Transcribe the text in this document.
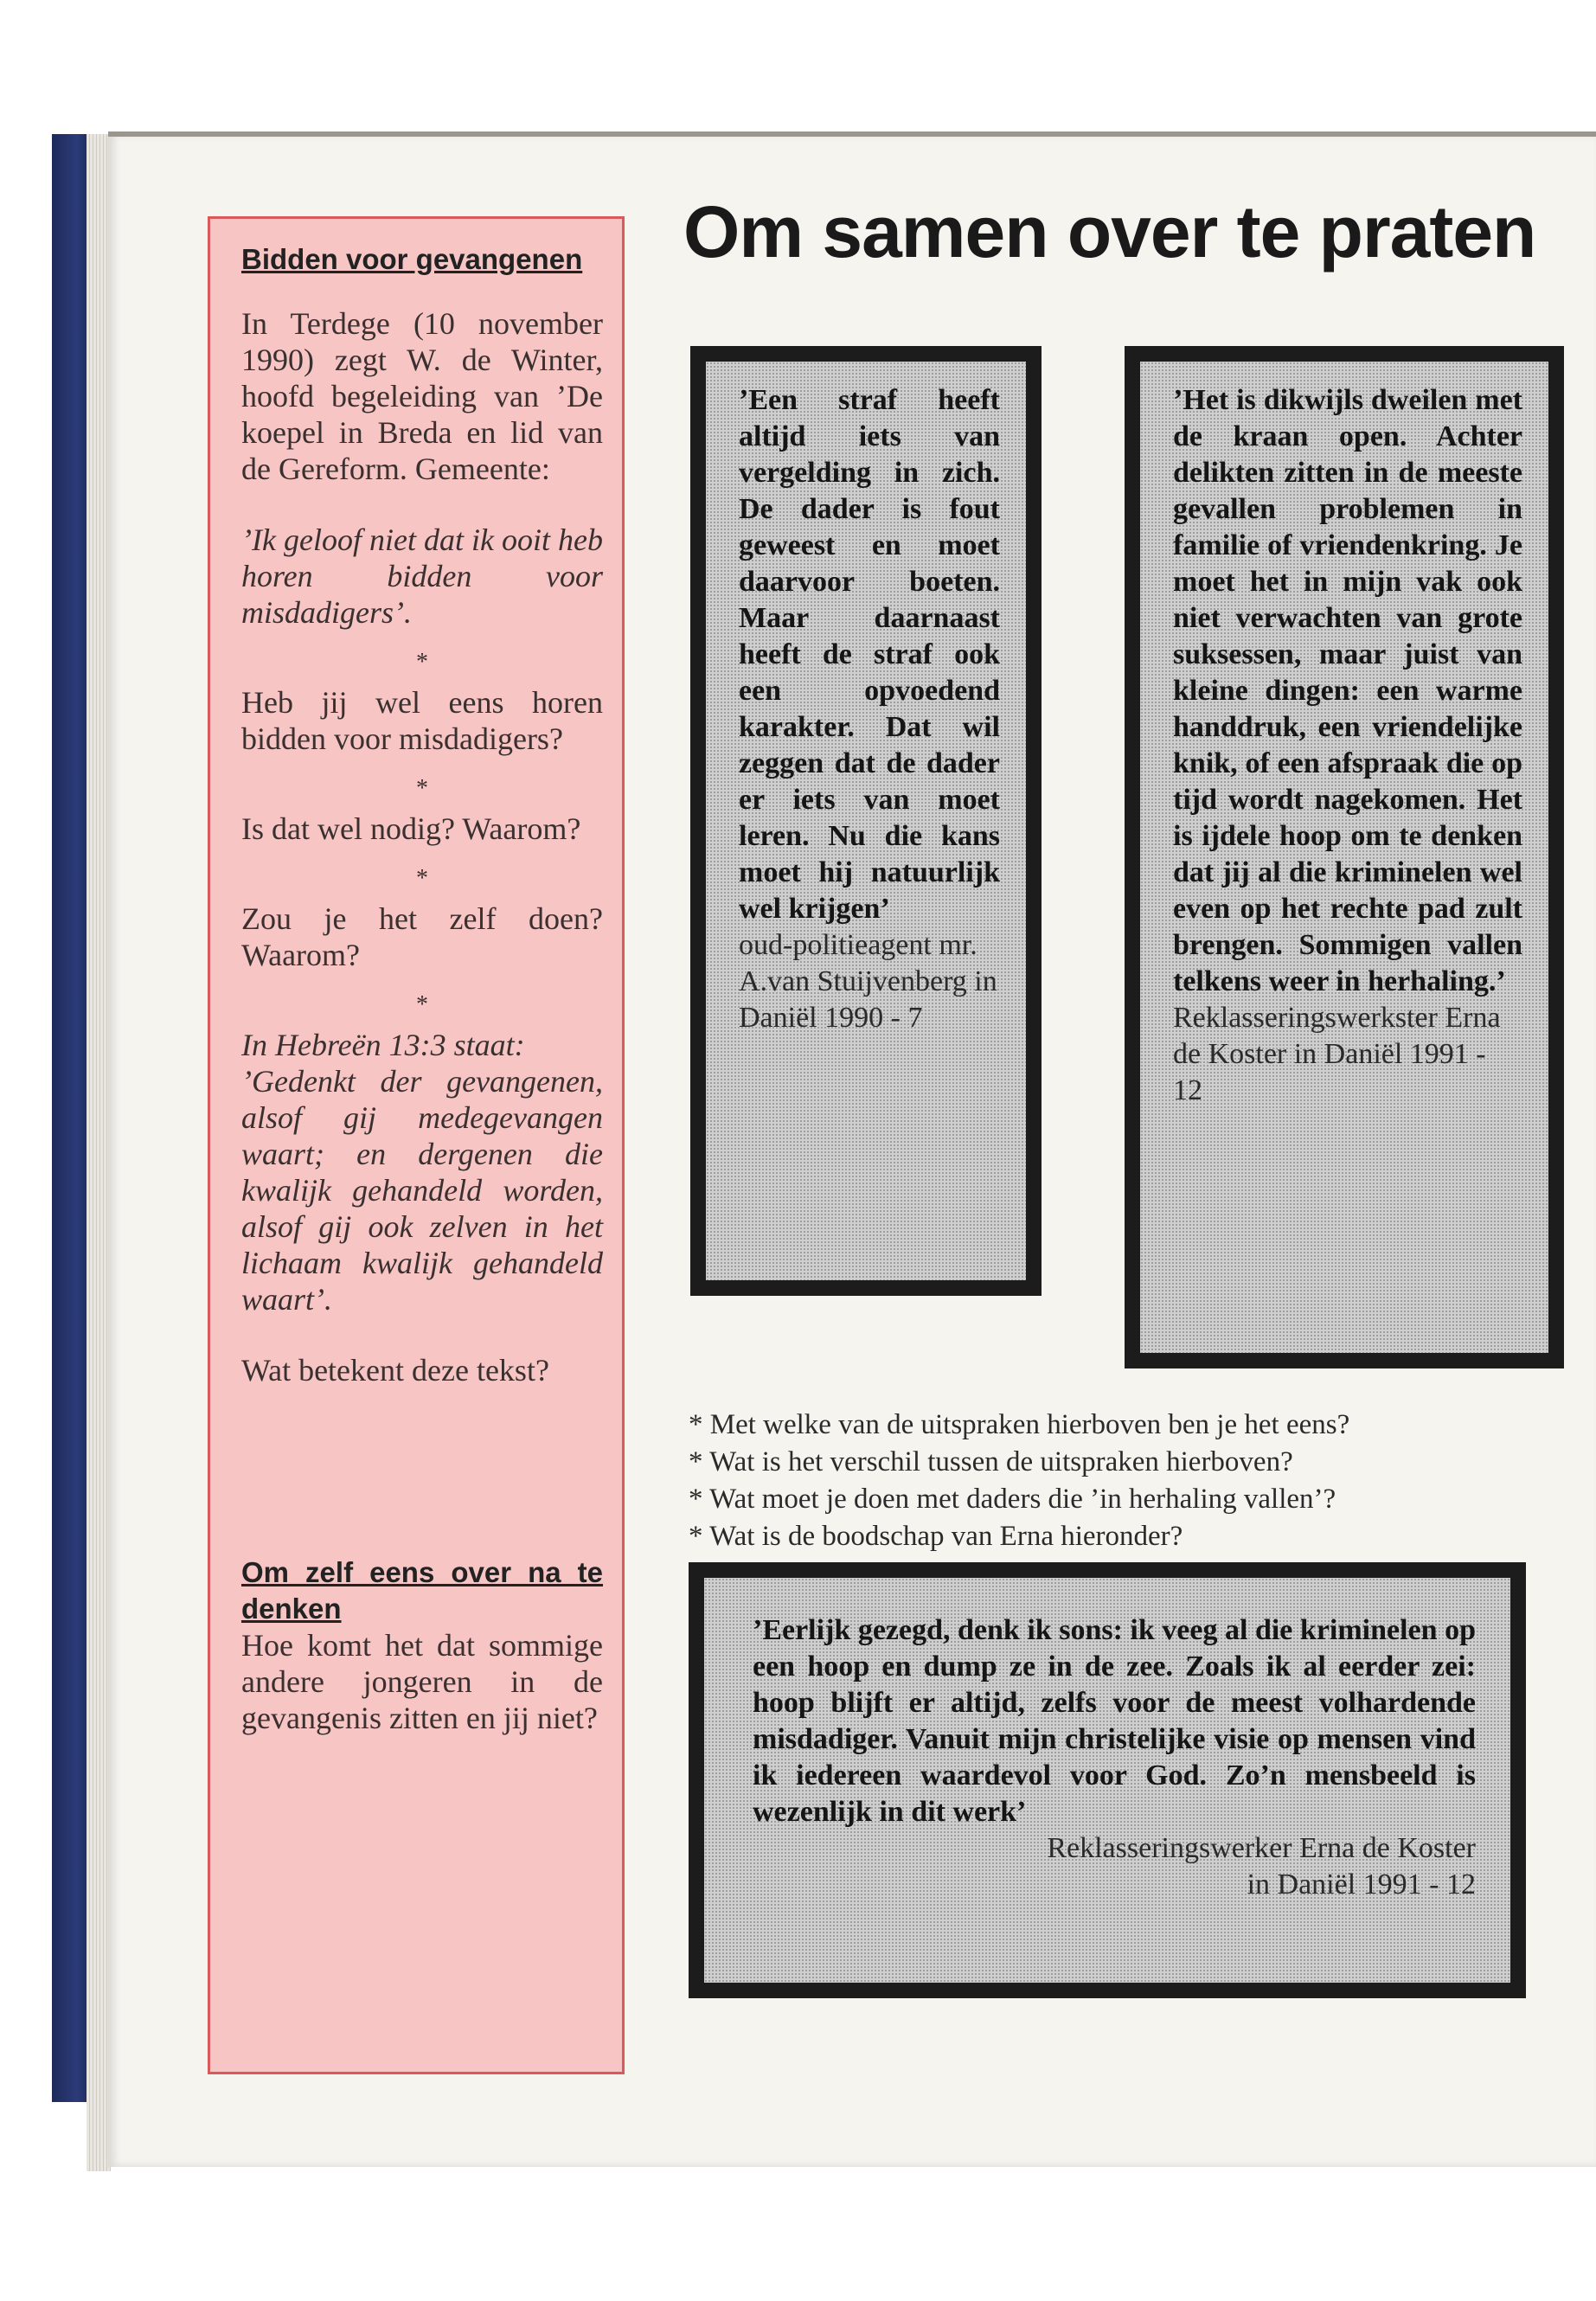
Bidden voor gevangenen

In Terdege (10 november 1990) zegt W. de Winter, hoofd begeleiding van ’De koepel in Breda en lid van de Gereform. Gemeente:

’Ik geloof niet dat ik ooit heb horen bidden voor misdadigers’.

*

Heb jij wel eens horen bidden voor misdadigers?

*

Is dat wel nodig? Waarom?

*

Zou je het zelf doen? Waarom?

*

In Hebreën 13:3 staat:

’Gedenkt der gevangenen, alsof gij medegevangen waart; en dergenen die kwalijk gehandeld worden, alsof gij ook zelven in het lichaam kwalijk gehandeld waart’.

Wat betekent deze tekst?

Om zelf eens over na te denken

Hoe komt het dat sommige andere jongeren in de gevangenis zitten en jij niet?

Om samen over te praten

’Een straf heeft altijd iets van vergelding in zich. De dader is fout geweest en moet daarvoor boeten. Maar daarnaast heeft de straf ook een opvoedend karakter. Dat wil zeggen dat de dader er iets van moet leren. Nu die kans moet hij natuurlijk wel krijgen’

oud-politieagent mr. A.van Stuijvenberg in Daniël 1990 - 7

’Het is dikwijls dweilen met de kraan open. Achter delikten zitten in de meeste gevallen problemen in familie of vriendenkring. Je moet het in mijn vak ook niet verwachten van grote suksessen, maar juist van kleine dingen: een warme handdruk, een vriendelijke knik, of een afspraak die op tijd wordt nagekomen. Het is ijdele hoop om te denken dat jij al die kriminelen wel even op het rechte pad zult brengen. Sommigen vallen telkens weer in herhaling.’

Reklasseringswerkster Erna de Koster in Daniël 1991 - 12

* Met welke van de uitspraken hierboven ben je het eens?
* Wat is het verschil tussen de uitspraken hierboven?
* Wat moet je doen met daders die ’in herhaling vallen’?
* Wat is de boodschap van Erna hieronder?

’Eerlijk gezegd, denk ik sons: ik veeg al die kriminelen op een hoop en dump ze in de zee. Zoals ik al eerder zei: hoop blijft er altijd, zelfs voor de meest volhardende misdadiger. Vanuit mijn christelijke visie op mensen vind ik iedereen waardevol voor God. Zo’n mensbeeld is wezenlijk in dit werk’

Reklasseringswerker Erna de Koster

in Daniël 1991 - 12
